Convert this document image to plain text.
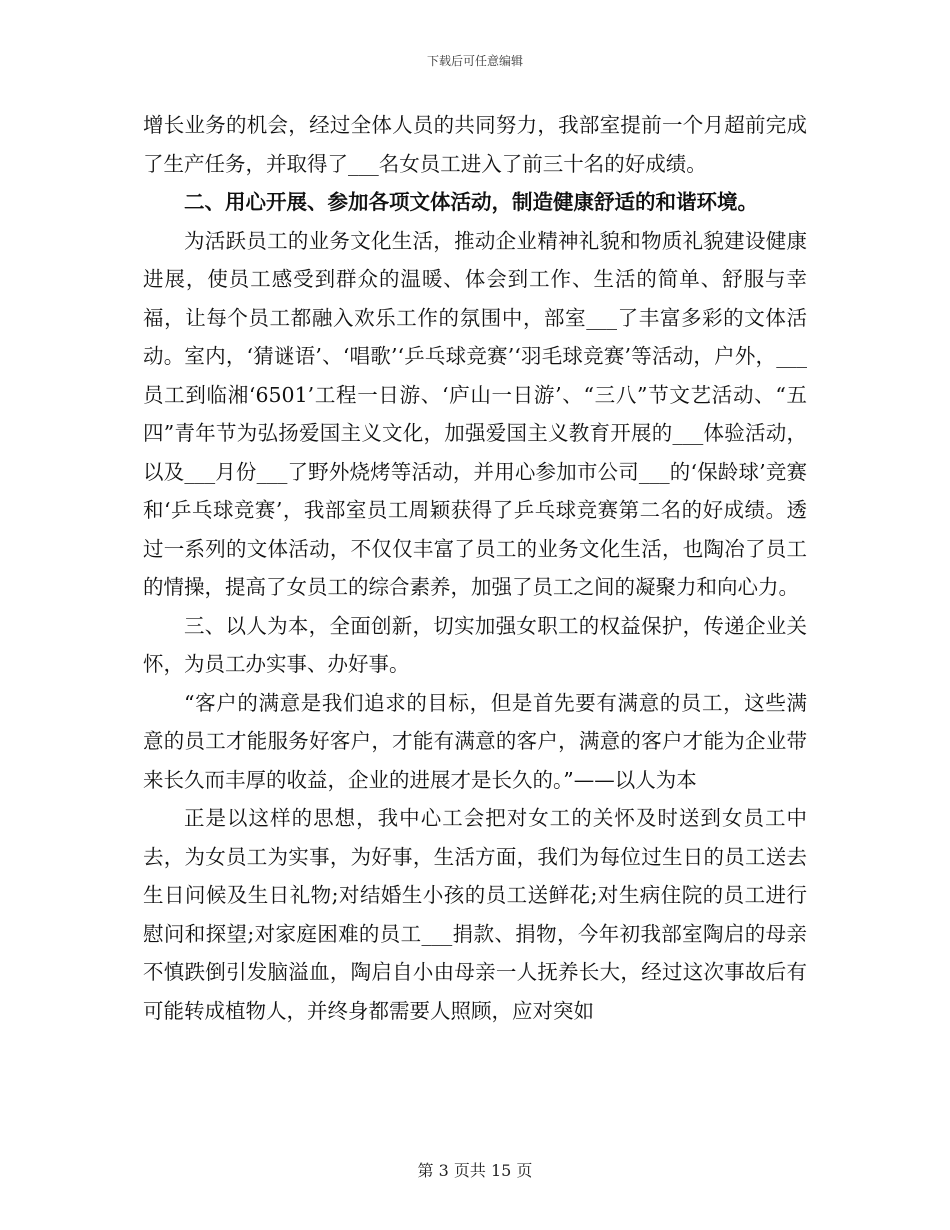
下载后可任意编辑

增长业务的机会，经过全体人员的共同努力，我部室提前一个月超前完成了生产任务，并取得了___名女员工进入了前三十名的好成绩。

二、用心开展、参加各项文体活动，制造健康舒适的和谐环境。

为活跃员工的业务文化生活，推动企业精神礼貌和物质礼貌建设健康进展，使员工感受到群众的温暖、体会到工作、生活的简单、舒服与幸福，让每个员工都融入欢乐工作的氛围中，部室___了丰富多彩的文体活动。室内，‘猜谜语’、‘唱歌’‘乒乓球竞赛’‘羽毛球竞赛’等活动，户外，___员工到临湘‘6501’工程一日游、‘庐山一日游’、“三八”节文艺活动、“五四”青年节为弘扬爱国主义文化，加强爱国主义教育开展的___体验活动，以及___月份___了野外烧烤等活动，并用心参加市公司___的‘保龄球’竞赛和‘乒乓球竞赛’，我部室员工周颖获得了乒乓球竞赛第二名的好成绩。透过一系列的文体活动，不仅仅丰富了员工的业务文化生活，也陶冶了员工的情操，提高了女员工的综合素养，加强了员工之间的凝聚力和向心力。

三、以人为本，全面创新，切实加强女职工的权益保护，传递企业关怀，为员工办实事、办好事。

“客户的满意是我们追求的目标，但是首先要有满意的员工，这些满意的员工才能服务好客户，才能有满意的客户，满意的客户才能为企业带来长久而丰厚的收益，企业的进展才是长久的。”——以人为本

正是以这样的思想，我中心工会把对女工的关怀及时送到女员工中去，为女员工为实事，为好事，生活方面，我们为每位过生日的员工送去生日问候及生日礼物;对结婚生小孩的员工送鲜花;对生病住院的员工进行慰问和探望;对家庭困难的员工___捐款、捐物，今年初我部室陶启的母亲不慎跌倒引发脑溢血，陶启自小由母亲一人抚养长大，经过这次事故后有可能转成植物人，并终身都需要人照顾，应对突如

第 3 页共 15 页
